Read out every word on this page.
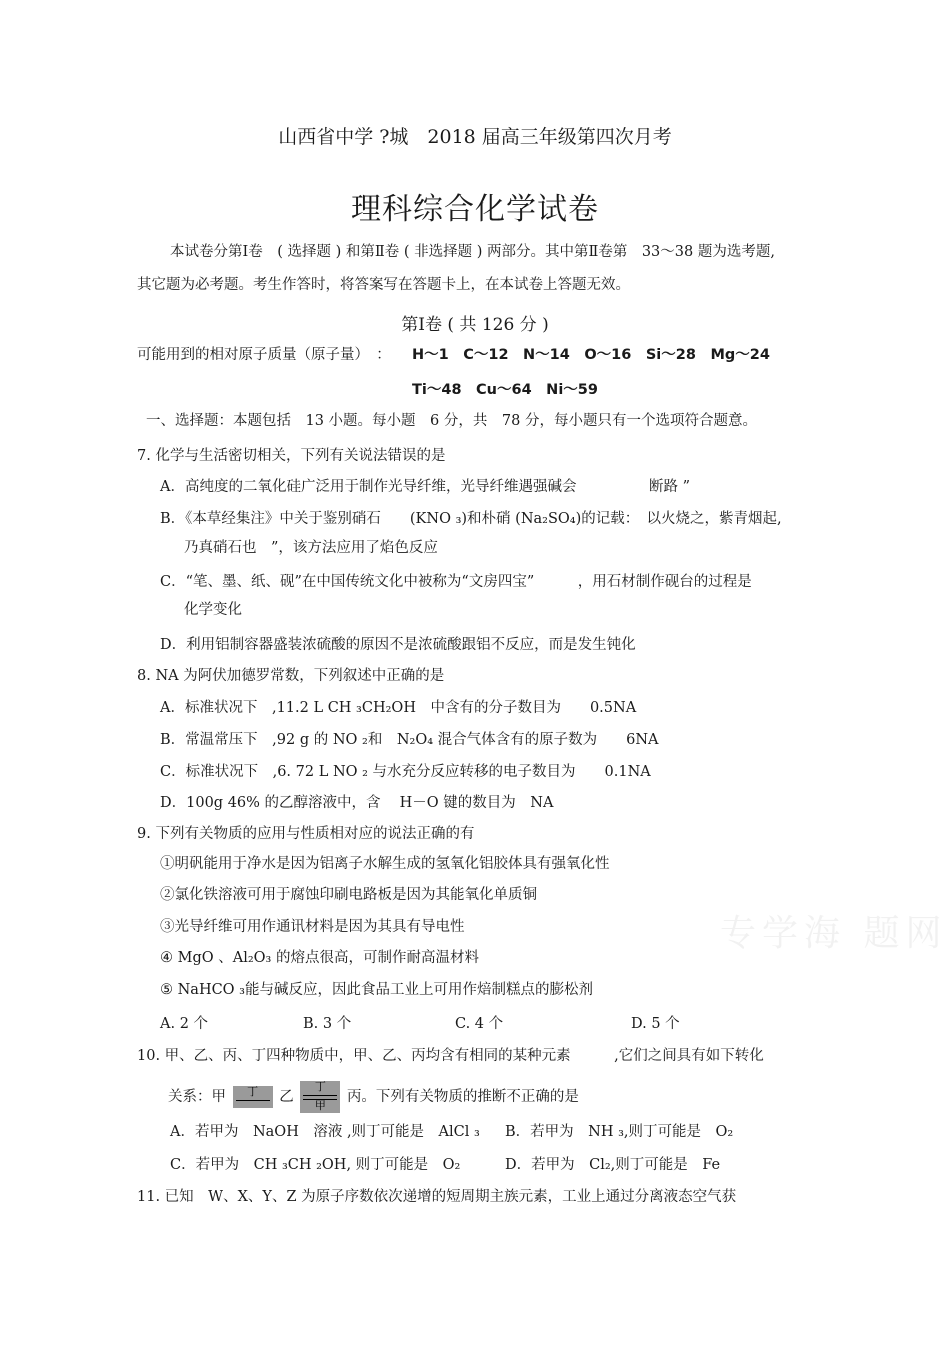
山西省中学 ?城　2018 届高三年级第四次月考
理科综合化学试卷
本试卷分第Ⅰ卷　( 选择题 ) 和第Ⅱ卷 ( 非选择题 ) 两部分。其中第Ⅱ卷第　33～38 题为选考题,
其它题为必考题。考生作答时，将答案写在答题卡上，在本试卷上答题无效。
第Ⅰ卷 ( 共 126 分 )
可能用到的相对原子质量（原子量）　： H～1　C～12　N～14　O～16　Si～28　Mg～24
Ti～48　Cu～64　Ni～59
一、选择题：本题包括　13 小题。每小题　6 分，共　78 分，每小题只有一个选项符合题意。
7. 化学与生活密切相关，下列有关说法错误的是
A．高纯度的二氧化硅广泛用于制作光导纤维，光导纤维遇强碱会　　　　　断路 ”
B．《本草经集注》中关于鉴别硝石　　(KNO ₃)和朴硝 (Na₂SO₄)的记载：　以火烧之，紫青烟起,
乃真硝石也　”，该方法应用了焰色反应
C．“笔、墨、纸、砚”在中国传统文化中被称为“文房四宝”　　　，用石材制作砚台的过程是
化学变化
D．利用铝制容器盛装浓硫酸的原因不是浓硫酸跟铝不反应，而是发生钝化
8. NA 为阿伏加德罗常数，下列叙述中正确的是
A．标准状况下　,11.2 L CH ₃CH₂OH　中含有的分子数目为　　0.5NA
B．常温常压下　,92 g 的 NO ₂和　N₂O₄ 混合气体含有的原子数为　　6NA
C．标准状况下　,6. 72 L NO ₂ 与水充分反应转移的电子数目为　　0.1NA
D．100g 46% 的乙醇溶液中，含　 H－O 键的数目为　NA
9. 下列有关物质的应用与性质相对应的说法正确的有
①明矾能用于净水是因为铝离子水解生成的氢氧化铝胶体具有强氧化性
②氯化铁溶液可用于腐蚀印刷电路板是因为其能氧化单质铜
③光导纤维可用作通讯材料是因为其具有导电性
④ MgO 、Al₂O₃ 的熔点很高，可制作耐高温材料
⑤ NaHCO ₃能与碱反应，因此食品工业上可用作焙制糕点的膨松剂
A. 2 个	B. 3 个	C. 4 个	D. 5 个
10. 甲、乙、丙、丁四种物质中，甲、乙、丙均含有相同的某种元素　　　,它们之间具有如下转化
关系：甲	丁	乙
丁
甲
丙。下列有关物质的推断不正确的是
A．若甲为　NaOH　溶液 ,则丁可能是　AlCl ₃ B．若甲为　NH ₃,则丁可能是　O₂
C．若甲为　CH ₃CH ₂OH, 则丁可能是　O₂	D．若甲为　Cl₂,则丁可能是　Fe
11. 已知　W、X、Y、Z 为原子序数依次递增的短周期主族元素，工业上通过分离液态空气获
专学海 题网
